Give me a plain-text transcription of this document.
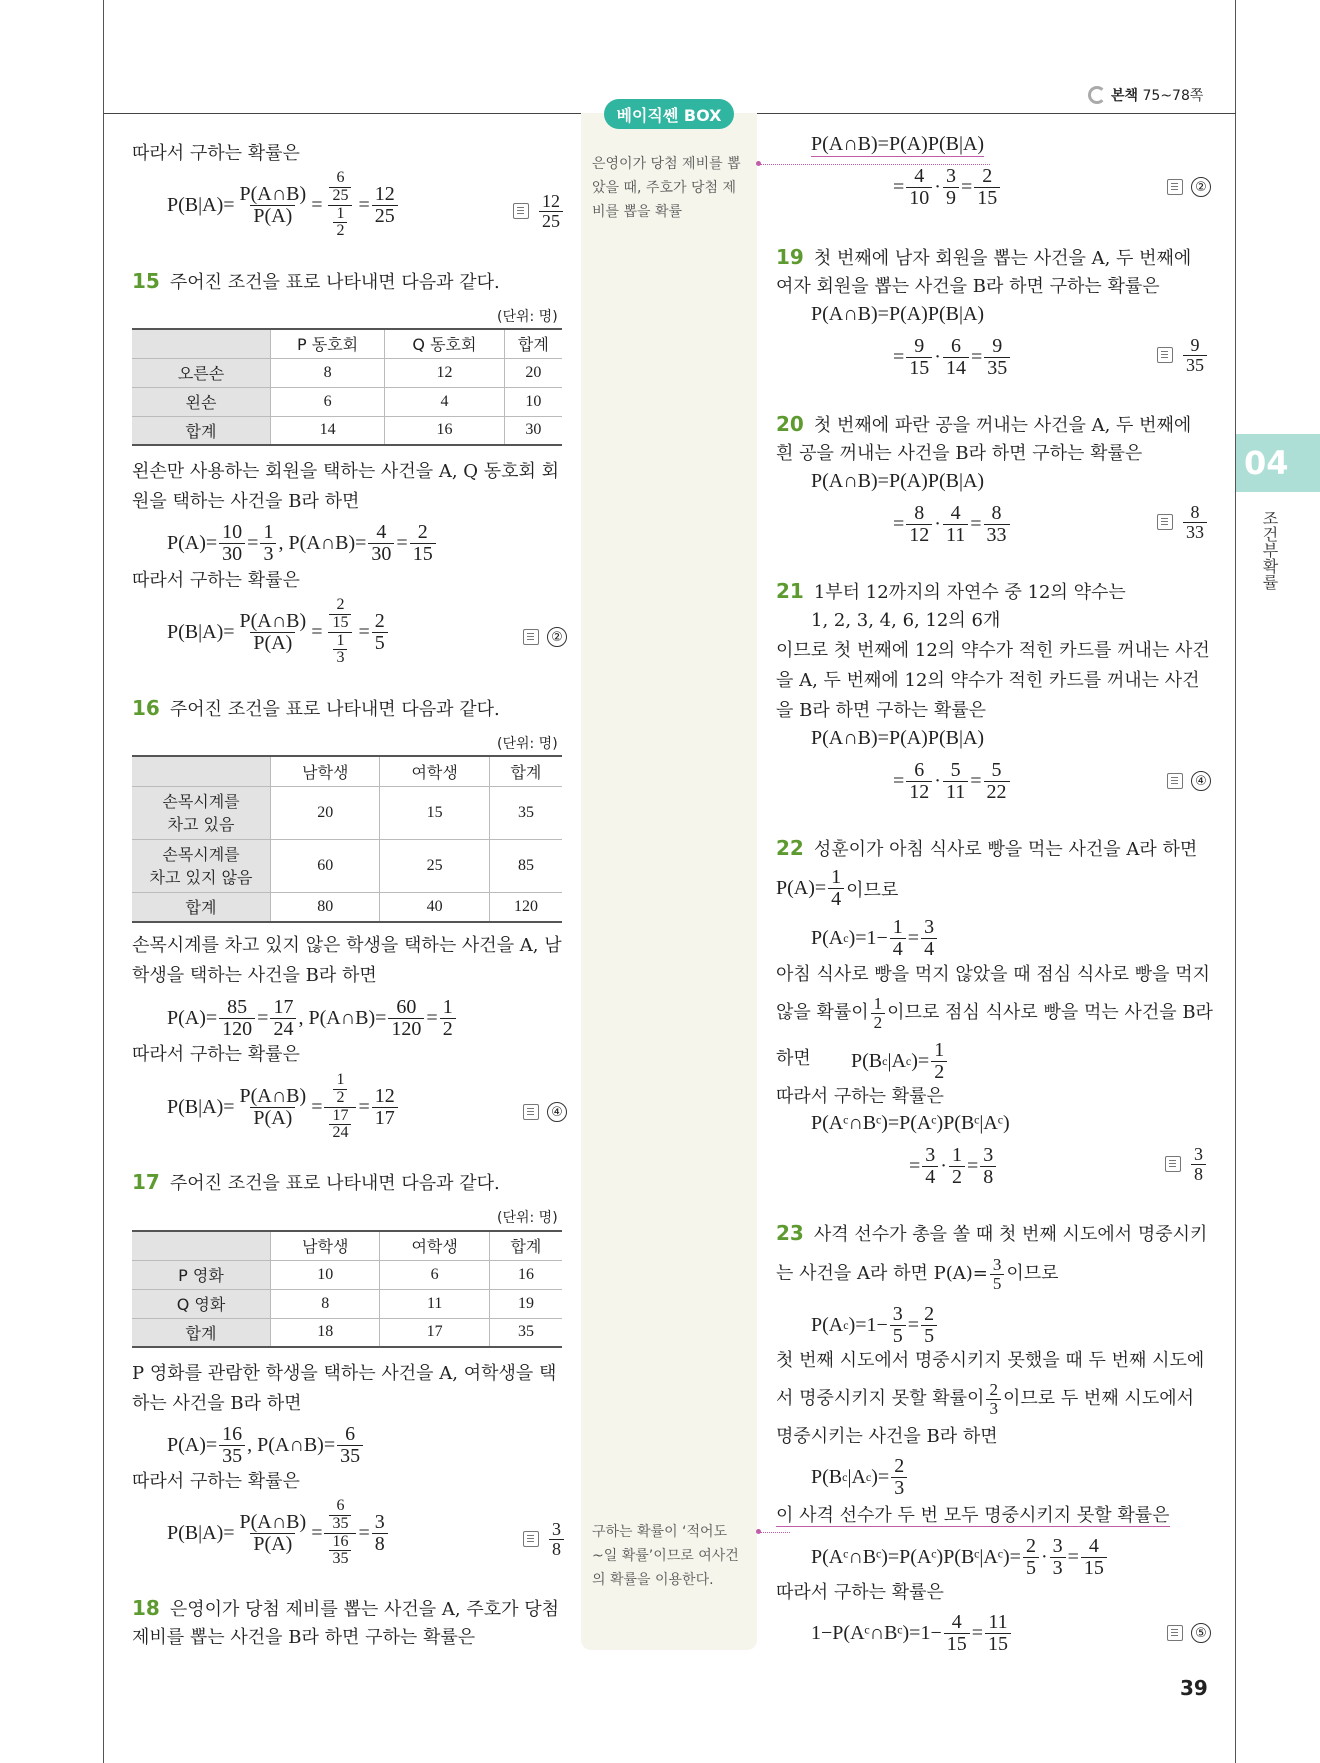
본책
75~78쪽
베이직쎈 BOX
은영이가 당첨 제비를 뽑
았을 때, 주호가 당첨 제
비를 뽑을 확률
구하는 확률이 ‘적어도
~일 확률’이므로 여사건
의 확률을 이용한다.
04
조건부확률
39
따라서 구하는 확률은
$P(B|A)= \frac{P(A\cap B)}{P(A)} = \frac{\frac{6}{25}}{\frac{1}{2}} = \frac{12}{25}$	$\frac{12}{25}$
15 주어진 조건을 표로 나타내면 다음과 같다.
(단위: 명)
	P 동호회	Q 동호회	합계
오른손	8	12	20
왼손	6	4	10
합계	14	16	30
왼손만 사용하는 회원을 택하는 사건을 A, Q 동호회 회
원을 택하는 사건을 B라 하면
$P(A)= \frac{10}{30} = \frac{1}{3}$ , P(A∩B)= $\frac{4}{30} = \frac{2}{15}$
따라서 구하는 확률은
$P(B|A)= \frac{P(A\cap B)}{P(A)} = \frac{\frac{2}{15}}{\frac{1}{3}} = \frac{2}{5}$	②
16 주어진 조건을 표로 나타내면 다음과 같다.
(단위: 명)
	남학생	여학생	합계
손목시계를
차고 있음	20	15	35
손목시계를
차고 있지 않음	60	25	85
합계	80	40	120
손목시계를 차고 있지 않은 학생을 택하는 사건을 A, 남
학생을 택하는 사건을 B라 하면
$P(A)= \frac{85}{120} = \frac{17}{24}$ , P(A∩B)= $\frac{60}{120} = \frac{1}{2}$
따라서 구하는 확률은
$P(B|A)= \frac{P(A\cap B)}{P(A)} = \frac{\frac{1}{2}}{\frac{17}{24}} = \frac{12}{17}$	④
17 주어진 조건을 표로 나타내면 다음과 같다.
(단위: 명)
	남학생	여학생	합계
P 영화	10	6	16
Q 영화	8	11	19
합계	18	17	35
P 영화를 관람한 학생을 택하는 사건을 A, 여학생을 택
하는 사건을 B라 하면
$P(A)= \frac{16}{35}$ , P(A∩B)= $\frac{6}{35}$
따라서 구하는 확률은
$P(B|A)= \frac{P(A\cap B)}{P(A)} = \frac{\frac{6}{35}}{\frac{16}{35}} = \frac{3}{8}$	$\frac{3}{8}$
18 은영이가 당첨 제비를 뽑는 사건을 A, 주호가 당첨
제비를 뽑는 사건을 B라 하면 구하는 확률은
P(A∩B)=P(A)P(B|A)
= $\frac{4}{10} \cdot \frac{3}{9} = \frac{2}{15}$	②
19 첫 번째에 남자 회원을 뽑는 사건을 A, 두 번째에
여자 회원을 뽑는 사건을 B라 하면 구하는 확률은
P(A∩B)=P(A)P(B|A)
= $\frac{9}{15} \cdot \frac{6}{14} = \frac{9}{35}$	$\frac{9}{35}$
20 첫 번째에 파란 공을 꺼내는 사건을 A, 두 번째에
흰 공을 꺼내는 사건을 B라 하면 구하는 확률은
P(A∩B)=P(A)P(B|A)
= $\frac{8}{12} \cdot \frac{4}{11} = \frac{8}{33}$	$\frac{8}{33}$
21 1부터 12까지의 자연수 중 12의 약수는
1, 2, 3, 4, 6, 12의 6개
이므로 첫 번째에 12의 약수가 적힌 카드를 꺼내는 사건
을 A, 두 번째에 12의 약수가 적힌 카드를 꺼내는 사건
을 B라 하면 구하는 확률은
P(A∩B)=P(A)P(B|A)
= $\frac{6}{12} \cdot \frac{5}{11} = \frac{5}{22}$	④
22 성훈이가 아침 식사로 빵을 먹는 사건을 A라 하면
$P(A)= \frac{1}{4}$ 이므로
P(A c )$=1- \frac{1}{4} = \frac{3}{4}$
아침 식사로 빵을 먹지 않았을 때 점심 식사로 빵을 먹지
않을 확률이 $\frac{1}{2}$ 이므로 점심 식사로 빵을 먹는 사건을 B라
하면 P(B c |A c )= $\frac{1}{2}$
따라서 구하는 확률은
P(Aᶜ∩Bᶜ)=P(Aᶜ)P(Bᶜ|Aᶜ)
= $\frac{3}{4} \cdot \frac{1}{2} = \frac{3}{8}$	$\frac{3}{8}$
23 사격 선수가 총을 쏠 때 첫 번째 시도에서 명중시키
는 사건을 A라 하면 $P(A)= \frac{3}{5}$ 이므로
P(A c )$=1- \frac{3}{5} = \frac{2}{5}$
첫 번째 시도에서 명중시키지 못했을 때 두 번째 시도에
서 명중시키지 못할 확률이 $\frac{2}{3}$ 이므로 두 번째 시도에서
명중시키는 사건을 B라 하면
P(B c |A c )= $\frac{2}{3}$
이 사격 선수가 두 번 모두 명중시키지 못할 확률은
P(Aᶜ∩Bᶜ)=P(Aᶜ)P(Bᶜ|Aᶜ)= $\frac{2}{5} \cdot \frac{3}{3} = \frac{4}{15}$
따라서 구하는 확률은
1−P(Aᶜ∩Bᶜ)=1− $\frac{4}{15} = \frac{11}{15}$	⑤
